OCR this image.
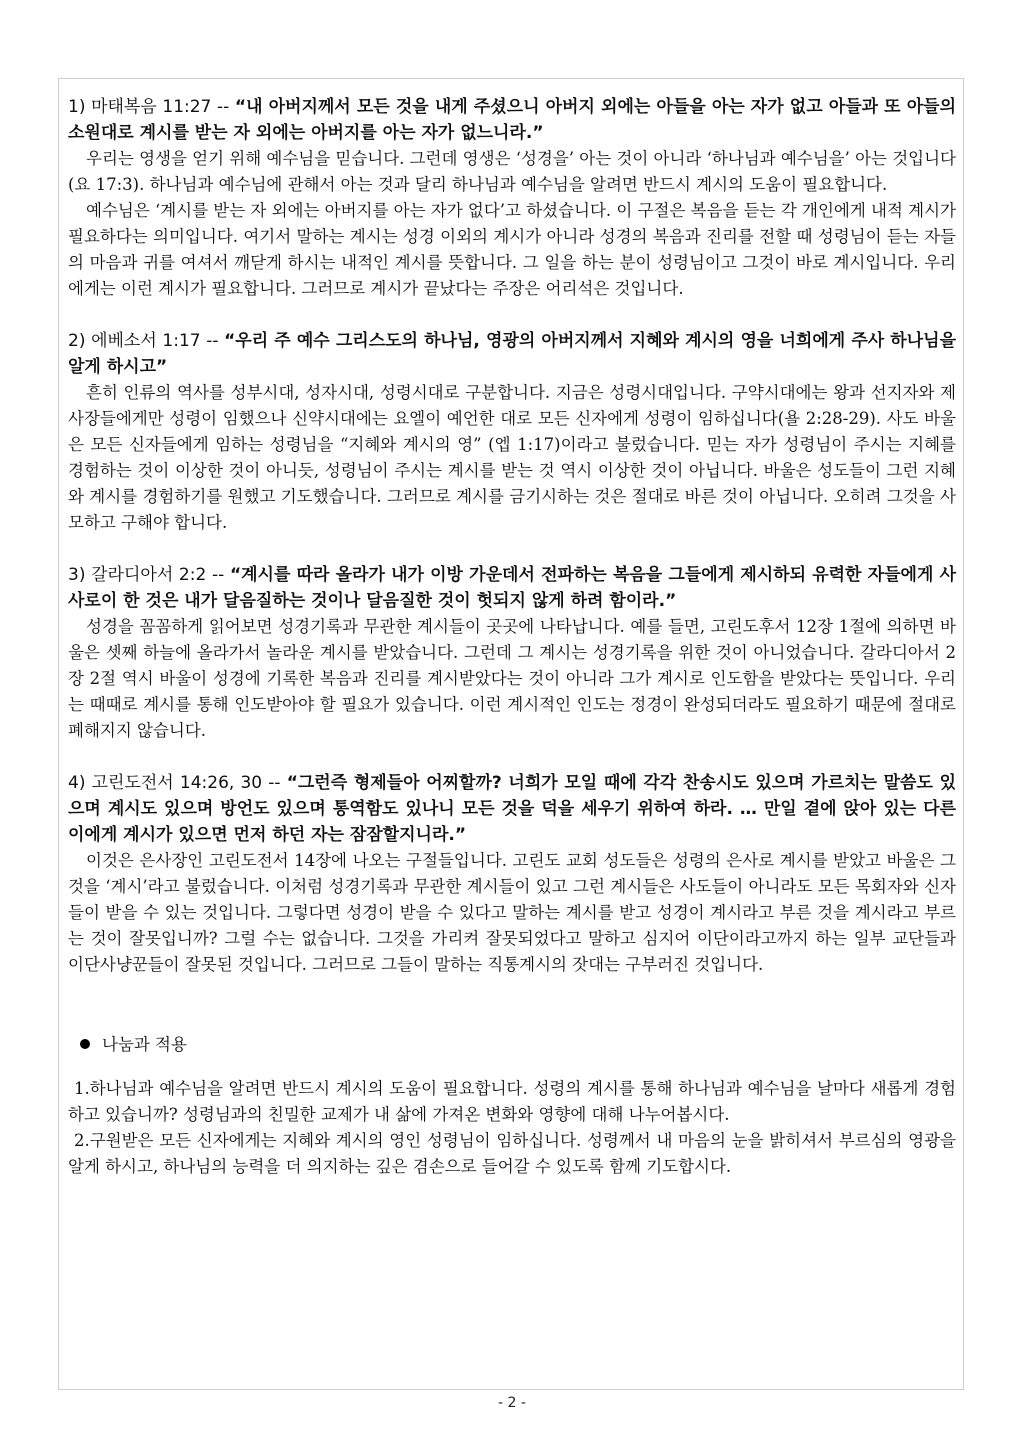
1) 마태복음 11:27 -- “내 아버지께서 모든 것을 내게 주셨으니 아버지 외에는 아들을 아는 자가 없고 아들과 또 아들의 소원대로 계시를 받는 자 외에는 아버지를 아는 자가 없느니라.”

우리는 영생을 얻기 위해 예수님을 믿습니다. 그런데 영생은 ‘성경을’ 아는 것이 아니라 ‘하나님과 예수님을’ 아는 것입니다(요 17:3). 하나님과 예수님에 관해서 아는 것과 달리 하나님과 예수님을 알려면 반드시 계시의 도움이 필요합니다.

예수님은 ‘계시를 받는 자 외에는 아버지를 아는 자가 없다’고 하셨습니다. 이 구절은 복음을 듣는 각 개인에게 내적 계시가 필요하다는 의미입니다. 여기서 말하는 계시는 성경 이외의 계시가 아니라 성경의 복음과 진리를 전할 때 성령님이 듣는 자들의 마음과 귀를 여셔서 깨닫게 하시는 내적인 계시를 뜻합니다. 그 일을 하는 분이 성령님이고 그것이 바로 계시입니다. 우리에게는 이런 계시가 필요합니다. 그러므로 계시가 끝났다는 주장은 어리석은 것입니다.

2) 에베소서 1:17 -- “우리 주 예수 그리스도의 하나님, 영광의 아버지께서 지혜와 계시의 영을 너희에게 주사 하나님을 알게 하시고”

흔히 인류의 역사를 성부시대, 성자시대, 성령시대로 구분합니다. 지금은 성령시대입니다. 구약시대에는 왕과 선지자와 제사장들에게만 성령이 임했으나 신약시대에는 요엘이 예언한 대로 모든 신자에게 성령이 임하십니다(욜 2:28-29). 사도 바울은 모든 신자들에게 임하는 성령님을 “지혜와 계시의 영” (엡 1:17)이라고 불렀습니다. 믿는 자가 성령님이 주시는 지혜를 경험하는 것이 이상한 것이 아니듯, 성령님이 주시는 계시를 받는 것 역시 이상한 것이 아닙니다. 바울은 성도들이 그런 지혜와 계시를 경험하기를 원했고 기도했습니다. 그러므로 계시를 금기시하는 것은 절대로 바른 것이 아닙니다. 오히려 그것을 사모하고 구해야 합니다.

3) 갈라디아서 2:2 -- “계시를 따라 올라가 내가 이방 가운데서 전파하는 복음을 그들에게 제시하되 유력한 자들에게 사사로이 한 것은 내가 달음질하는 것이나 달음질한 것이 헛되지 않게 하려 함이라.”

성경을 꼼꼼하게 읽어보면 성경기록과 무관한 계시들이 곳곳에 나타납니다. 예를 들면, 고린도후서 12장 1절에 의하면 바울은 셋째 하늘에 올라가서 놀라운 계시를 받았습니다. 그런데 그 계시는 성경기록을 위한 것이 아니었습니다. 갈라디아서 2장 2절 역시 바울이 성경에 기록한 복음과 진리를 계시받았다는 것이 아니라 그가 계시로 인도함을 받았다는 뜻입니다. 우리는 때때로 계시를 통해 인도받아야 할 필요가 있습니다. 이런 계시적인 인도는 정경이 완성되더라도 필요하기 때문에 절대로 폐해지지 않습니다.

4) 고린도전서 14:26, 30 -- “그런즉 형제들아 어찌할까? 너희가 모일 때에 각각 찬송시도 있으며 가르치는 말씀도 있으며 계시도 있으며 방언도 있으며 통역함도 있나니 모든 것을 덕을 세우기 위하여 하라. … 만일 곁에 앉아 있는 다른 이에게 계시가 있으면 먼저 하던 자는 잠잠할지니라.”

이것은 은사장인 고린도전서 14장에 나오는 구절들입니다. 고린도 교회 성도들은 성령의 은사로 계시를 받았고 바울은 그것을 ‘계시’라고 불렀습니다. 이처럼 성경기록과 무관한 계시들이 있고 그런 계시들은 사도들이 아니라도 모든 목회자와 신자들이 받을 수 있는 것입니다. 그렇다면 성경이 받을 수 있다고 말하는 계시를 받고 성경이 계시라고 부른 것을 계시라고 부르는 것이 잘못입니까? 그럴 수는 없습니다. 그것을 가리켜 잘못되었다고 말하고 심지어 이단이라고까지 하는 일부 교단들과 이단사냥꾼들이 잘못된 것입니다. 그러므로 그들이 말하는 직통계시의 잣대는 구부러진 것입니다.

나눔과 적용

1.하나님과 예수님을 알려면 반드시 계시의 도움이 필요합니다. 성령의 계시를 통해 하나님과 예수님을 날마다 새롭게 경험하고 있습니까? 성령님과의 친밀한 교제가 내 삶에 가져온 변화와 영향에 대해 나누어봅시다.

2.구원받은 모든 신자에게는 지혜와 계시의 영인 성령님이 임하십니다. 성령께서 내 마음의 눈을 밝히셔서 부르심의 영광을 알게 하시고, 하나님의 능력을 더 의지하는 깊은 겸손으로 들어갈 수 있도록 함께 기도합시다.

- 2 -
